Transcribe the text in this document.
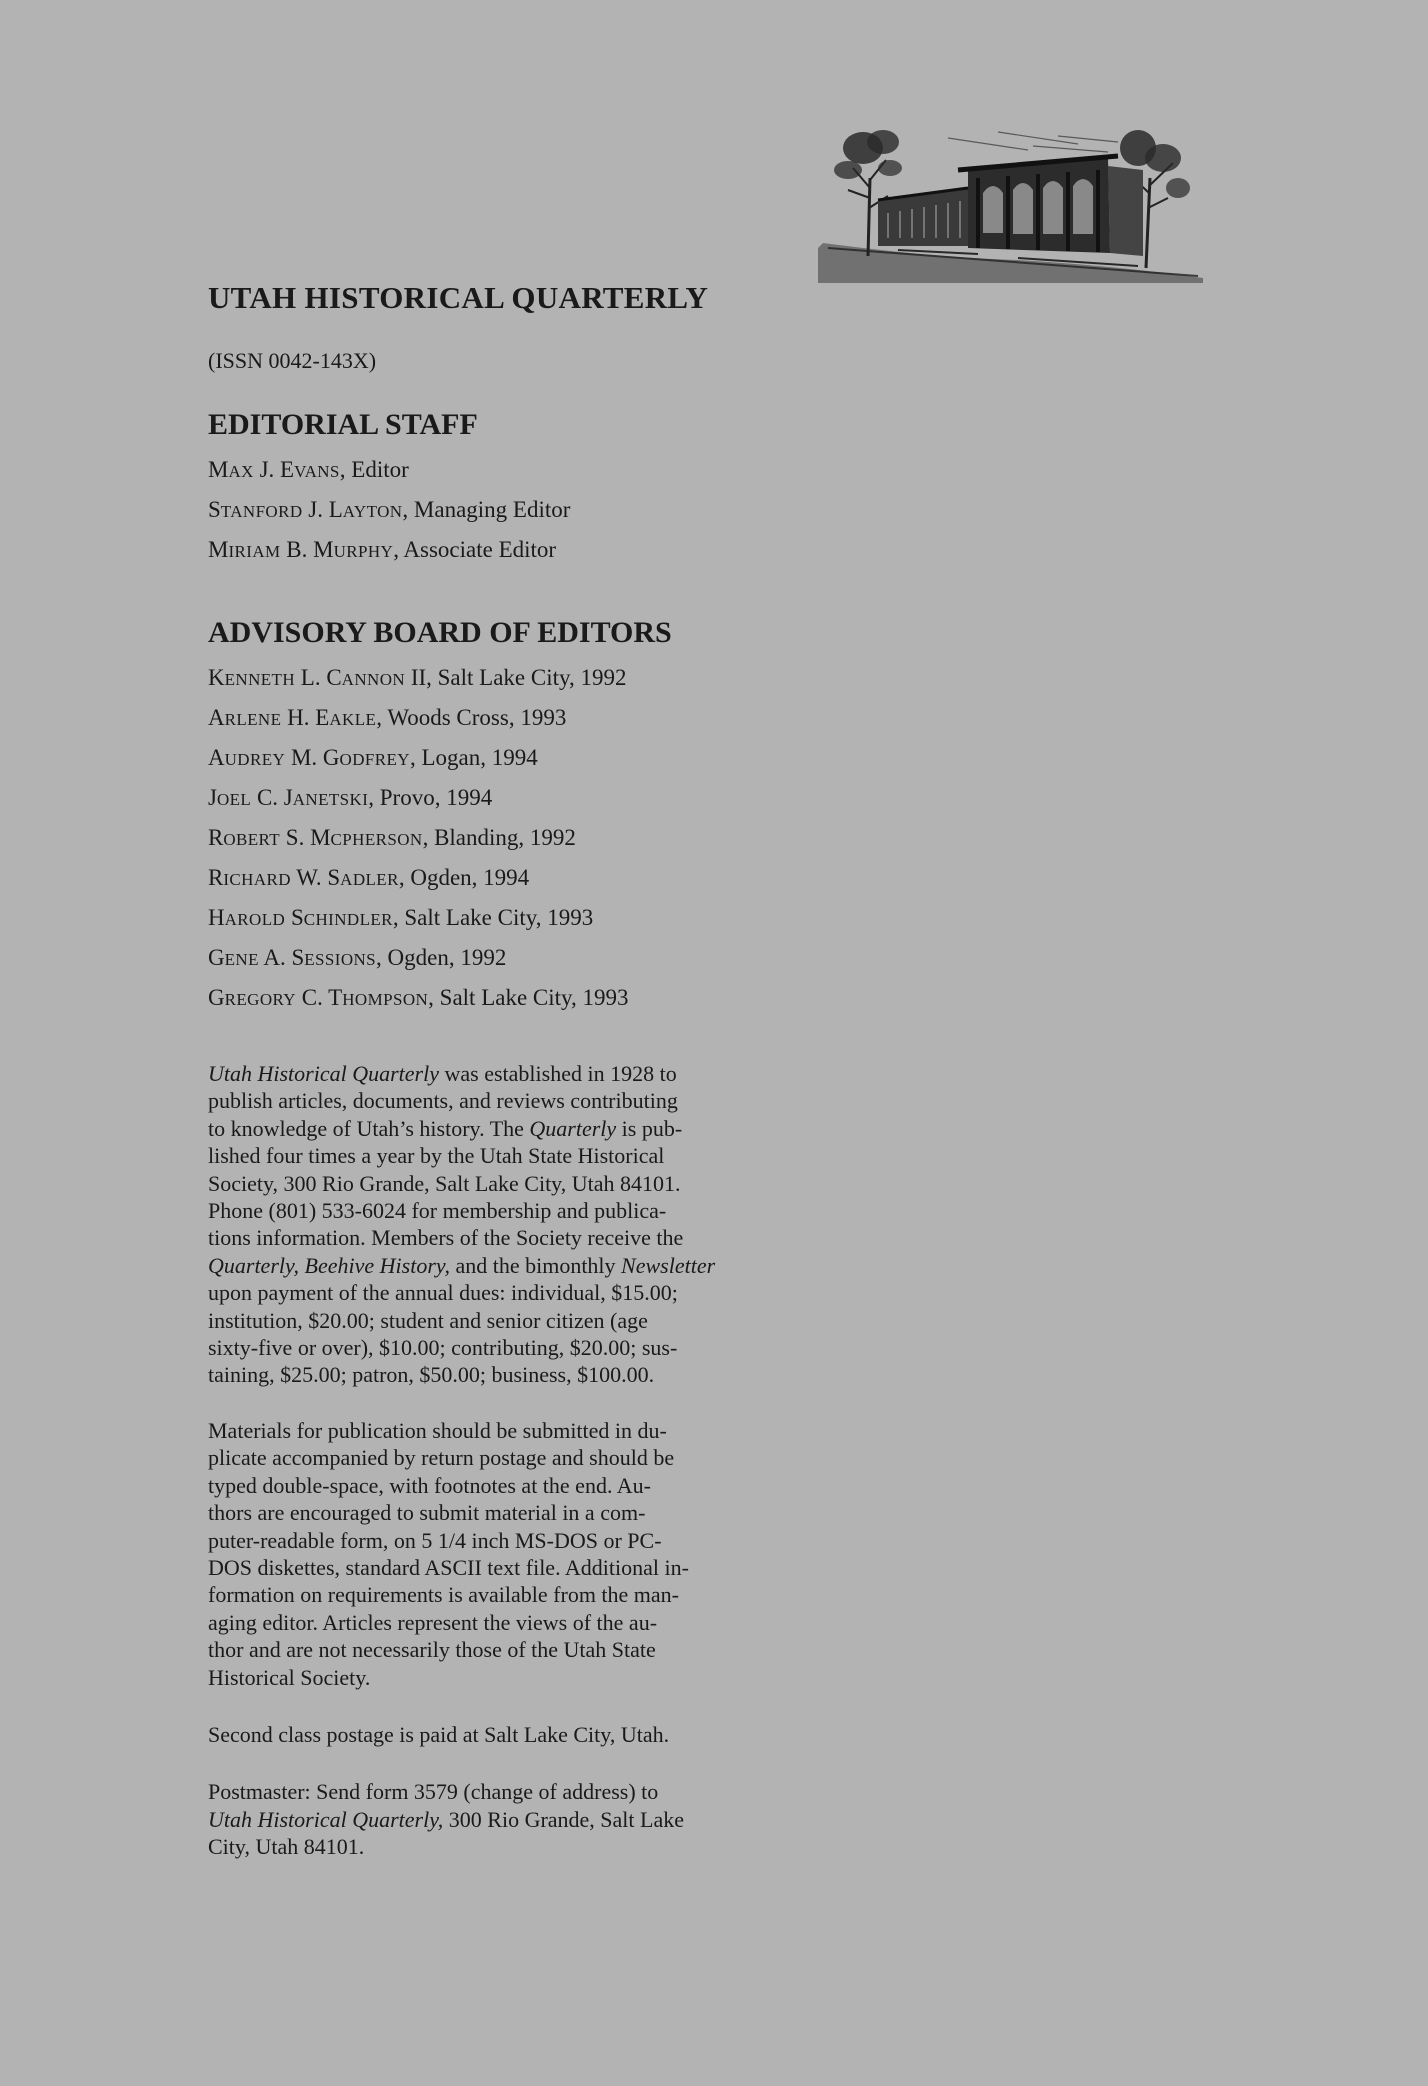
UTAH HISTORICAL QUARTERLY
(ISSN 0042-143X)
EDITORIAL STAFF
MAX J. EVANS, Editor
STANFORD J. LAYTON, Managing Editor
MIRIAM B. MURPHY, Associate Editor
ADVISORY BOARD OF EDITORS
KENNETH L. CANNON II, Salt Lake City, 1992
ARLENE H. EAKLE, Woods Cross, 1993
AUDREY M. GODFREY, Logan, 1994
JOEL C. JANETSKI, Provo, 1994
ROBERT S. MCPHERSON, Blanding, 1992
RICHARD W. SADLER, Ogden, 1994
HAROLD SCHINDLER, Salt Lake City, 1993
GENE A. SESSIONS, Ogden, 1992
GREGORY C. THOMPSON, Salt Lake City, 1993

Utah Historical Quarterly was established in 1928 to

publish articles, documents, and reviews contributing

to knowledge of Utah’s history. The Quarterly is pub-

lished four times a year by the Utah State Historical

Society, 300 Rio Grande, Salt Lake City, Utah 84101.

Phone (801) 533-6024 for membership and publica-

tions information. Members of the Society receive the

Quarterly, Beehive History, and the bimonthly Newsletter

upon payment of the annual dues: individual, $15.00;

institution, $20.00; student and senior citizen (age

sixty-five or over), $10.00; contributing, $20.00; sus-

taining, $25.00; patron, $50.00; business, $100.00.

Materials for publication should be submitted in du-

plicate accompanied by return postage and should be

typed double-space, with footnotes at the end. Au-

thors are encouraged to submit material in a com-

puter-readable form, on 5 1/4 inch MS-DOS or PC-

DOS diskettes, standard ASCII text file. Additional in-

formation on requirements is available from the man-

aging editor. Articles represent the views of the au-

thor and are not necessarily those of the Utah State

Historical Society.

Second class postage is paid at Salt Lake City, Utah.

Postmaster: Send form 3579 (change of address) to

Utah Historical Quarterly, 300 Rio Grande, Salt Lake

City, Utah 84101.
